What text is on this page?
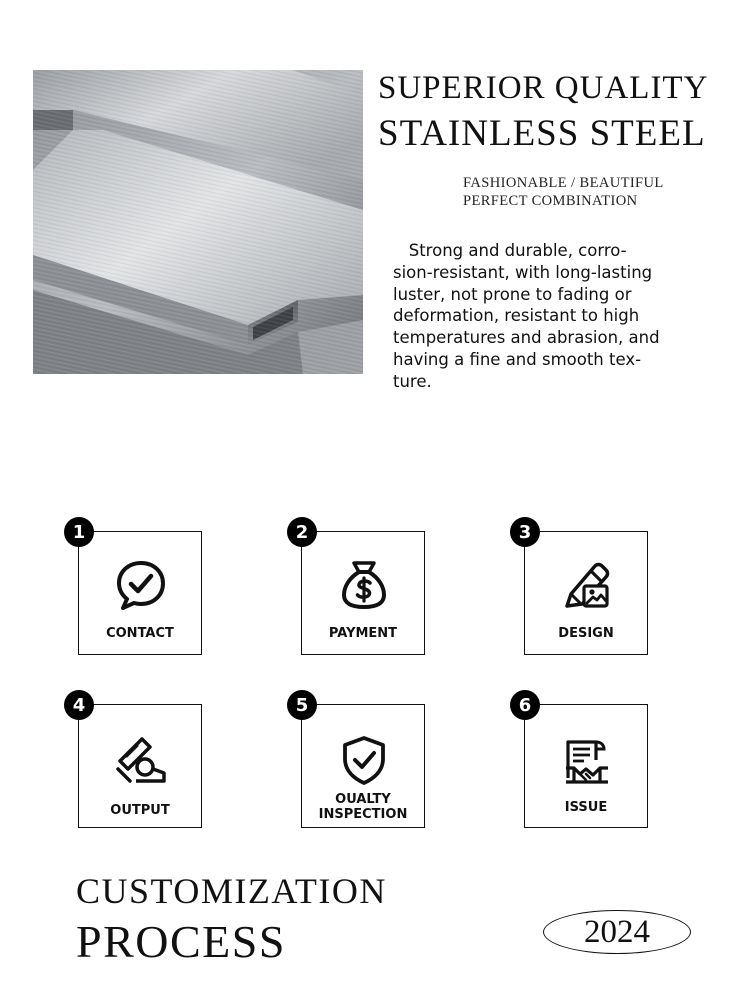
SUPERIOR QUALITY
STAINLESS STEEL
FASHIONABLE / BEAUTIFUL
PERFECT COMBINATION

Strong and durable, corro-
sion-resistant, with long-lasting
luster, not prone to fading or
deformation, resistant to high
temperatures and abrasion, and
having a fine and smooth tex-
ture.

1
CONTACT
2
PAYMENT
3
DESIGN
4
OUTPUT
5
OUALTY
INSPECTION
6
ISSUE
CUSTOMIZATION
PROCESS	2024
